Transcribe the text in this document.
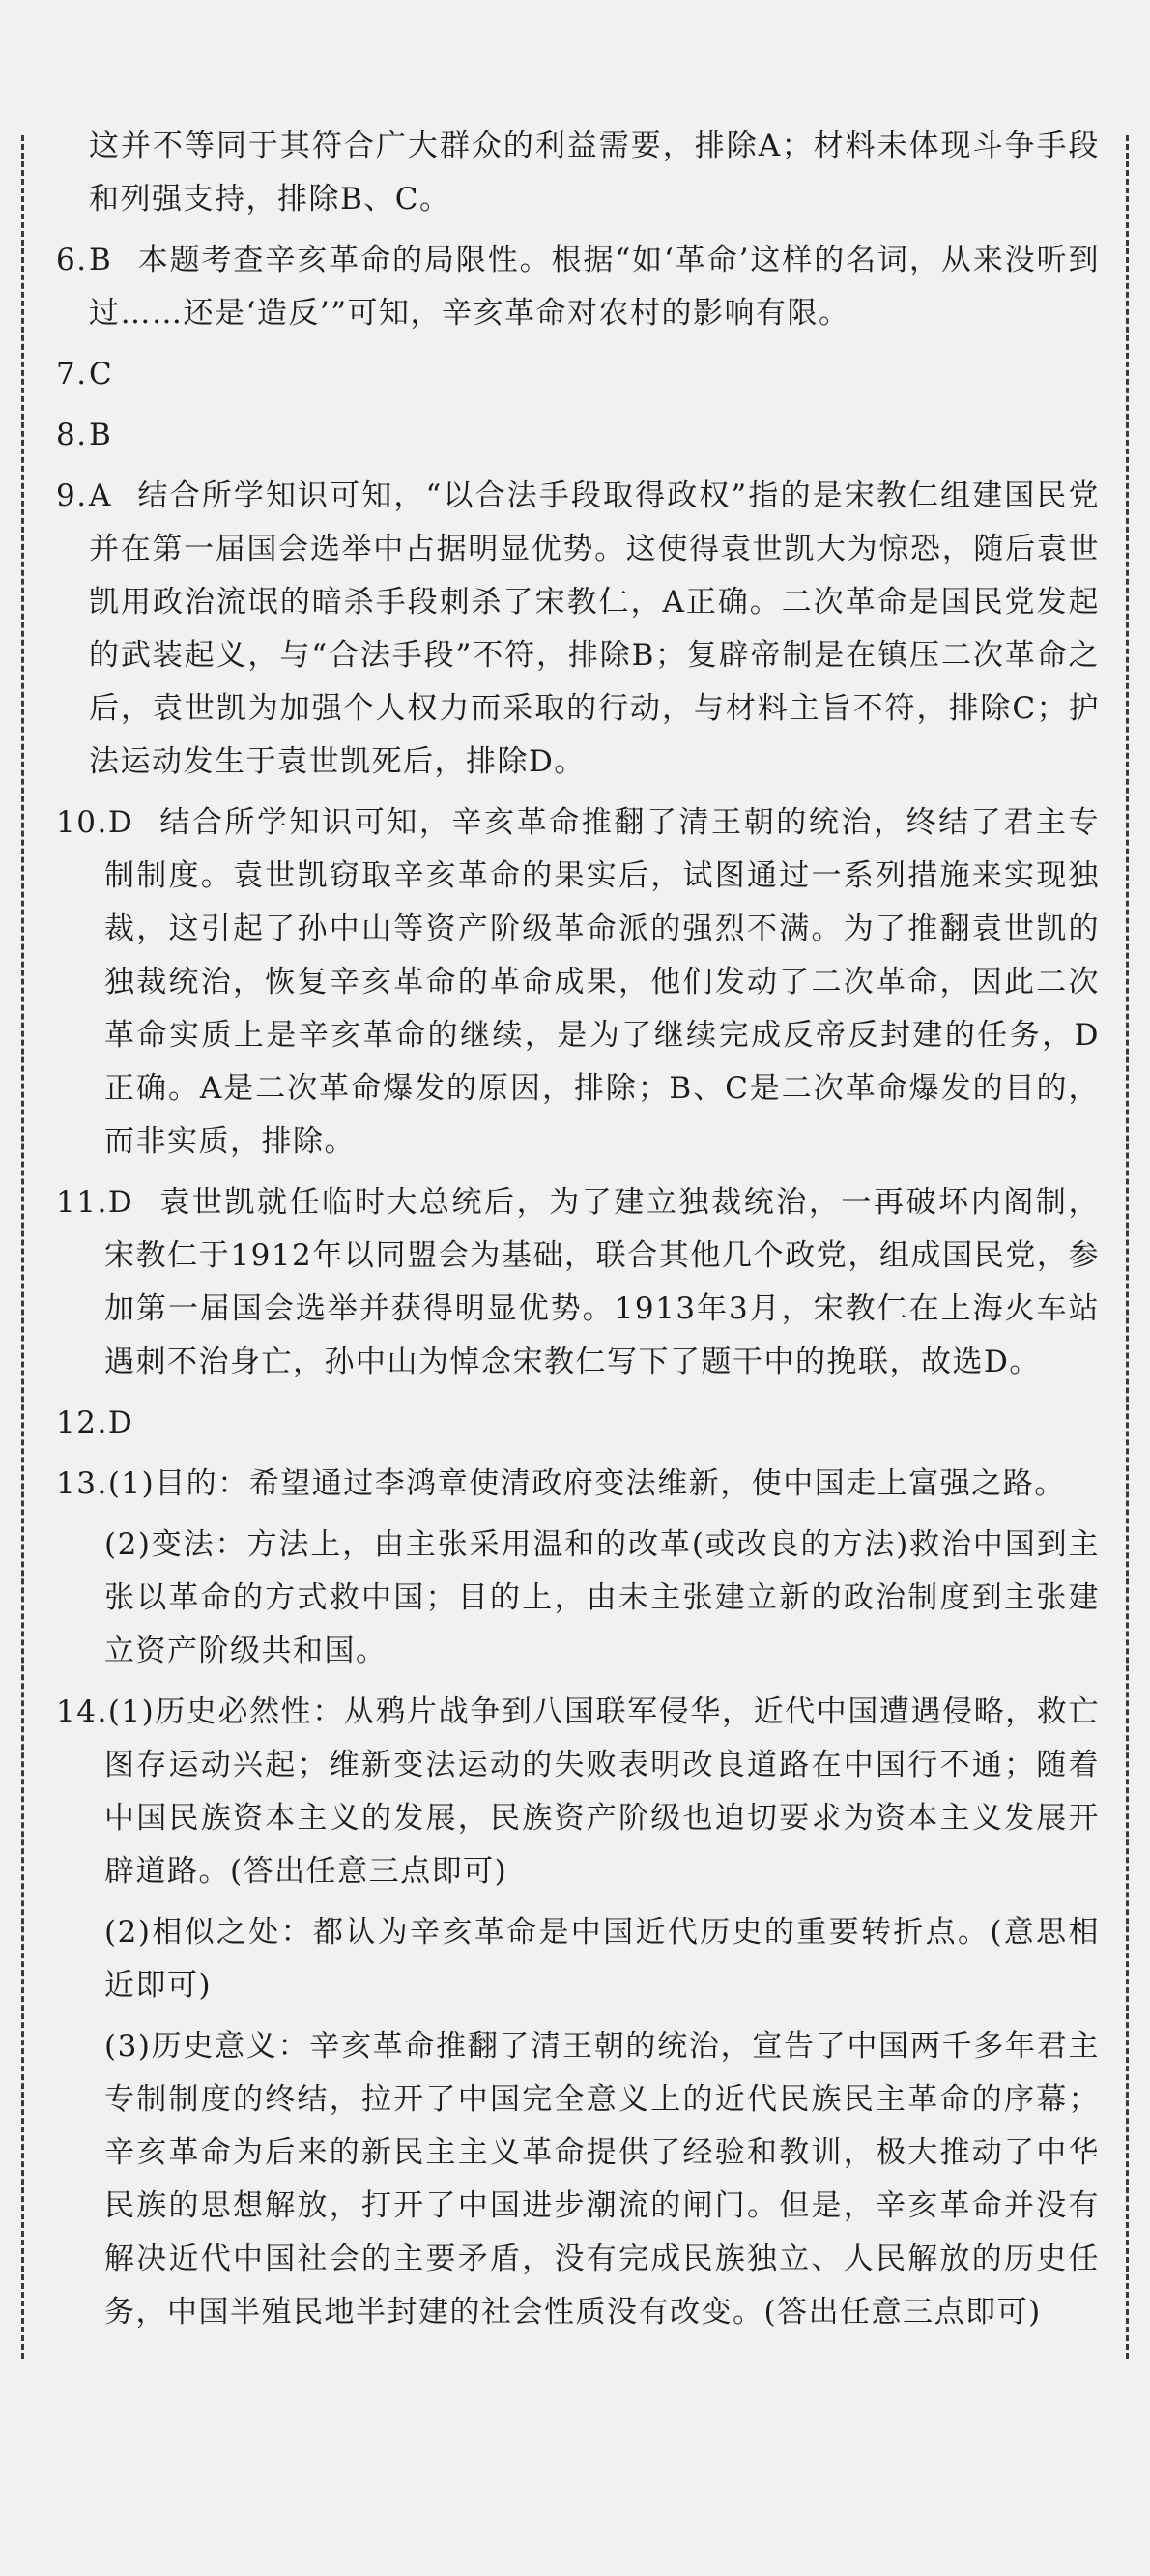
这并不等同于其符合广大群众的利益需要，排除A；材料未体现斗争手段和列强支持，排除B、C。

6.B 本题考查辛亥革命的局限性。根据“如‘革命’这样的名词，从来没听到过……还是‘造反’”可知，辛亥革命对农村的影响有限。

7.C

8.B

9.A 结合所学知识可知，“以合法手段取得政权”指的是宋教仁组建国民党并在第一届国会选举中占据明显优势。这使得袁世凯大为惊恐，随后袁世凯用政治流氓的暗杀手段刺杀了宋教仁，A正确。二次革命是国民党发起的武装起义，与“合法手段”不符，排除B；复辟帝制是在镇压二次革命之后，袁世凯为加强个人权力而采取的行动，与材料主旨不符，排除C；护法运动发生于袁世凯死后，排除D。

10.D 结合所学知识可知，辛亥革命推翻了清王朝的统治，终结了君主专制制度。袁世凯窃取辛亥革命的果实后，试图通过一系列措施来实现独裁，这引起了孙中山等资产阶级革命派的强烈不满。为了推翻袁世凯的独裁统治，恢复辛亥革命的革命成果，他们发动了二次革命，因此二次革命实质上是辛亥革命的继续，是为了继续完成反帝反封建的任务，D正确。A是二次革命爆发的原因，排除；B、C是二次革命爆发的目的，而非实质，排除。

11.D 袁世凯就任临时大总统后，为了建立独裁统治，一再破坏内阁制，宋教仁于1912年以同盟会为基础，联合其他几个政党，组成国民党，参加第一届国会选举并获得明显优势。1913年3月，宋教仁在上海火车站遇刺不治身亡，孙中山为悼念宋教仁写下了题干中的挽联，故选D。

12.D

13.(1)目的：希望通过李鸿章使清政府变法维新，使中国走上富强之路。

(2)变法：方法上，由主张采用温和的改革(或改良的方法)救治中国到主张以革命的方式救中国；目的上，由未主张建立新的政治制度到主张建立资产阶级共和国。

14.(1)历史必然性：从鸦片战争到八国联军侵华，近代中国遭遇侵略，救亡图存运动兴起；维新变法运动的失败表明改良道路在中国行不通；随着中国民族资本主义的发展，民族资产阶级也迫切要求为资本主义发展开辟道路。(答出任意三点即可)

(2)相似之处：都认为辛亥革命是中国近代历史的重要转折点。(意思相近即可)

(3)历史意义：辛亥革命推翻了清王朝的统治，宣告了中国两千多年君主专制制度的终结，拉开了中国完全意义上的近代民族民主革命的序幕；辛亥革命为后来的新民主主义革命提供了经验和教训，极大推动了中华民族的思想解放，打开了中国进步潮流的闸门。但是，辛亥革命并没有解决近代中国社会的主要矛盾，没有完成民族独立、人民解放的历史任务，中国半殖民地半封建的社会性质没有改变。(答出任意三点即可)
